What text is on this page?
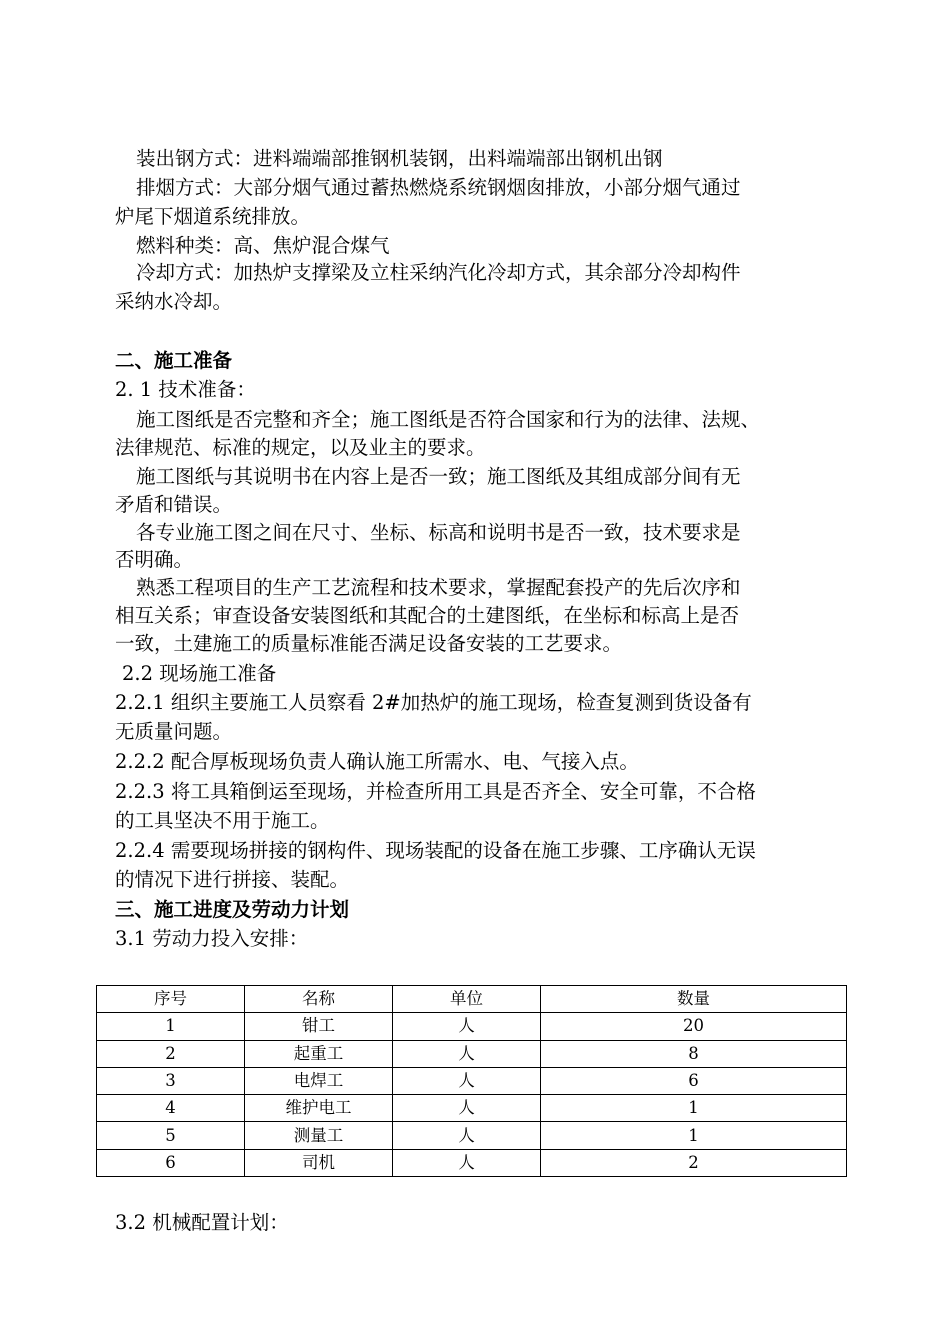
装出钢方式：进料端端部推钢机装钢，出料端端部出钢机出钢

排烟方式：大部分烟气通过蓄热燃烧系统钢烟囱排放，小部分烟气通过

炉尾下烟道系统排放。

燃料种类：高、焦炉混合煤气

冷却方式：加热炉支撑梁及立柱采纳汽化冷却方式，其余部分冷却构件

采纳水冷却。

二、施工准备

2. 1 技术准备：

施工图纸是否完整和齐全；施工图纸是否符合国家和行为的法律、法规、

法律规范、标准的规定，以及业主的要求。

施工图纸与其说明书在内容上是否一致；施工图纸及其组成部分间有无

矛盾和错误。

各专业施工图之间在尺寸、坐标、标高和说明书是否一致，技术要求是

否明确。

熟悉工程项目的生产工艺流程和技术要求，掌握配套投产的先后次序和

相互关系；审查设备安装图纸和其配合的土建图纸，在坐标和标高上是否

一致，土建施工的质量标准能否满足设备安装的工艺要求。

2.2 现场施工准备

2.2.1 组织主要施工人员察看 2#加热炉的施工现场，检查复测到货设备有

无质量问题。

2.2.2 配合厚板现场负责人确认施工所需水、电、气接入点。

2.2.3 将工具箱倒运至现场，并检查所用工具是否齐全、安全可靠，不合格

的工具坚决不用于施工。

2.2.4 需要现场拼接的钢构件、现场装配的设备在施工步骤、工序确认无误

的情况下进行拼接、装配。

三、施工进度及劳动力计划

3.1 劳动力投入安排：

序号	名称	单位	数量
1	钳工	人	20
2	起重工	人	8
3	电焊工	人	6
4	维护电工	人	1
5	测量工	人	1
6	司机	人	2

3.2 机械配置计划：
